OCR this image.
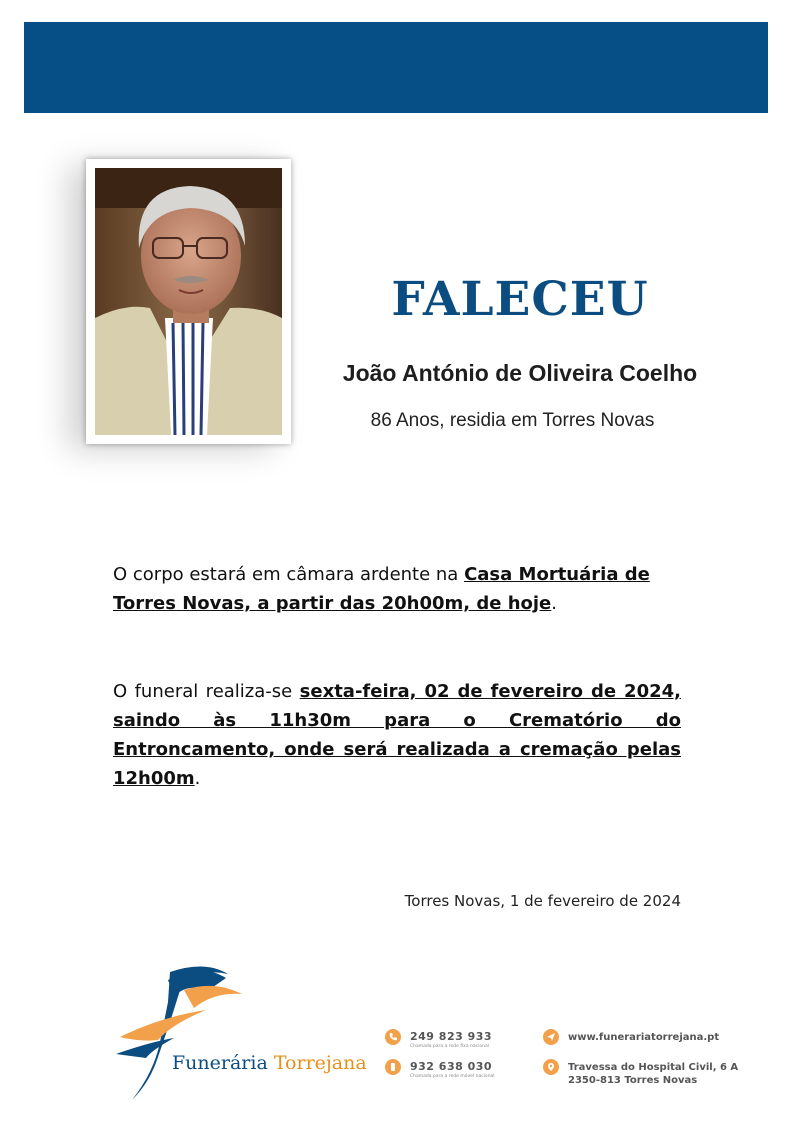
FALECEU
João António de Oliveira Coelho
86 Anos, residia em Torres Novas
O corpo estará em câmara ardente na Casa Mortuária de Torres Novas, a partir das 20h00m, de hoje.
O funeral realiza-se sexta-feira, 02 de fevereiro de 2024, saindo às 11h30m para o Crematório do Entroncamento, onde será realizada a cremação pelas 12h00m.
Torres Novas, 1 de fevereiro de 2024
Funerária Torrejana
249 823 933
Chamada para a rede fixa nacional
932 638 030
Chamada para a rede móvel nacional
www.funerariatorrejana.pt
Travessa do Hospital Civil, 6 A
2350-813 Torres Novas
